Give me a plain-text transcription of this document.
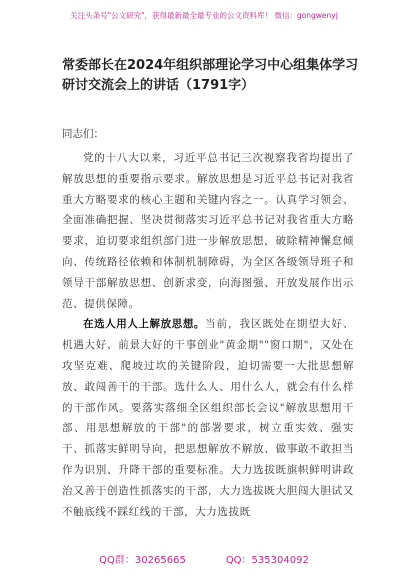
关注头条号"公文研究"，获得最新最全最专业的公文资料库！ 微信：gongwenyj
常委部长在2024年组织部理论学习中心组集体学习研讨交流会上的讲话（1791字）
同志们：

党的十八大以来，习近平总书记三次视察我省均提出了解放思想的重要指示要求。解放思想是习近平总书记对我省重大方略要求的核心主题和关键内容之一。认真学习领会、全面准确把握、坚决贯彻落实习近平总书记对我省重大方略要求，迫切要求组织部门进一步解放思想，破除精神懈怠倾向、传统路径依赖和体制机制障碍，为全区各级领导班子和领导干部解放思想、创新求变，向海图强、开放发展作出示范、提供保障。

在选人用人上解放思想。当前，我区既处在期望大好、机遇大好、前景大好的干事创业"黄金期""窗口期"，又处在攻坚克难、爬坡过坎的关键阶段，迫切需要一大批思想解放、敢闯善干的干部。选什么人、用什么人，就会有什么样的干部作风。要落实落细全区组织部长会议"解放思想用干部、用思想解放的干部"的部署要求，树立重实效、强实干、抓落实鲜明导向，把思想解放不解放、做事敢不敢担当作为识别、升降干部的重要标准。大力选拔既旗帜鲜明讲政治又善于创造性抓落实的干部，大力选拔既大胆闯大胆试又不触底线不踩红线的干部，大力选拔既

QQ群：30265665	QQ：535304092
